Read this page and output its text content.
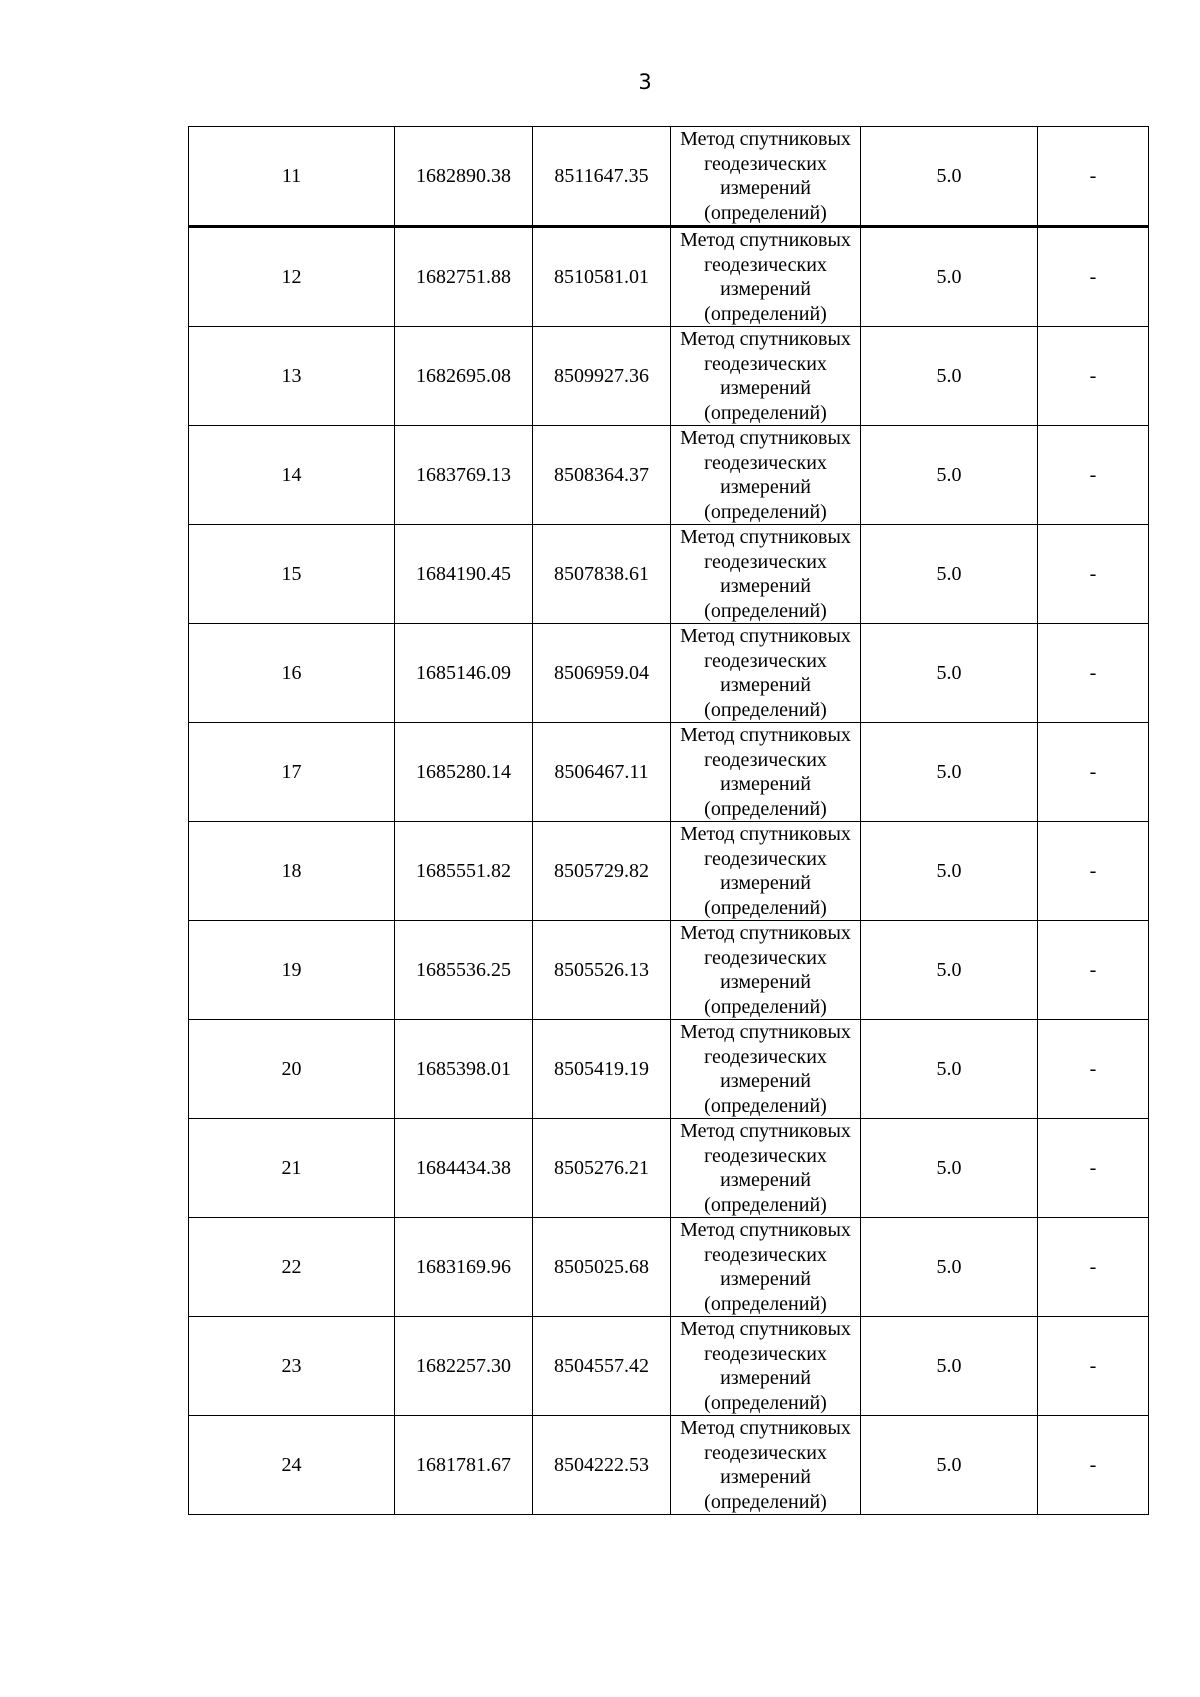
3
11	1682890.38	8511647.35	Метод спутниковых
геодезических
измерений
(определений)	5.0	-
12	1682751.88	8510581.01	Метод спутниковых
геодезических
измерений
(определений)	5.0	-
13	1682695.08	8509927.36	Метод спутниковых
геодезических
измерений
(определений)	5.0	-
14	1683769.13	8508364.37	Метод спутниковых
геодезических
измерений
(определений)	5.0	-
15	1684190.45	8507838.61	Метод спутниковых
геодезических
измерений
(определений)	5.0	-
16	1685146.09	8506959.04	Метод спутниковых
геодезических
измерений
(определений)	5.0	-
17	1685280.14	8506467.11	Метод спутниковых
геодезических
измерений
(определений)	5.0	-
18	1685551.82	8505729.82	Метод спутниковых
геодезических
измерений
(определений)	5.0	-
19	1685536.25	8505526.13	Метод спутниковых
геодезических
измерений
(определений)	5.0	-
20	1685398.01	8505419.19	Метод спутниковых
геодезических
измерений
(определений)	5.0	-
21	1684434.38	8505276.21	Метод спутниковых
геодезических
измерений
(определений)	5.0	-
22	1683169.96	8505025.68	Метод спутниковых
геодезических
измерений
(определений)	5.0	-
23	1682257.30	8504557.42	Метод спутниковых
геодезических
измерений
(определений)	5.0	-
24	1681781.67	8504222.53	Метод спутниковых
геодезических
измерений
(определений)	5.0	-
